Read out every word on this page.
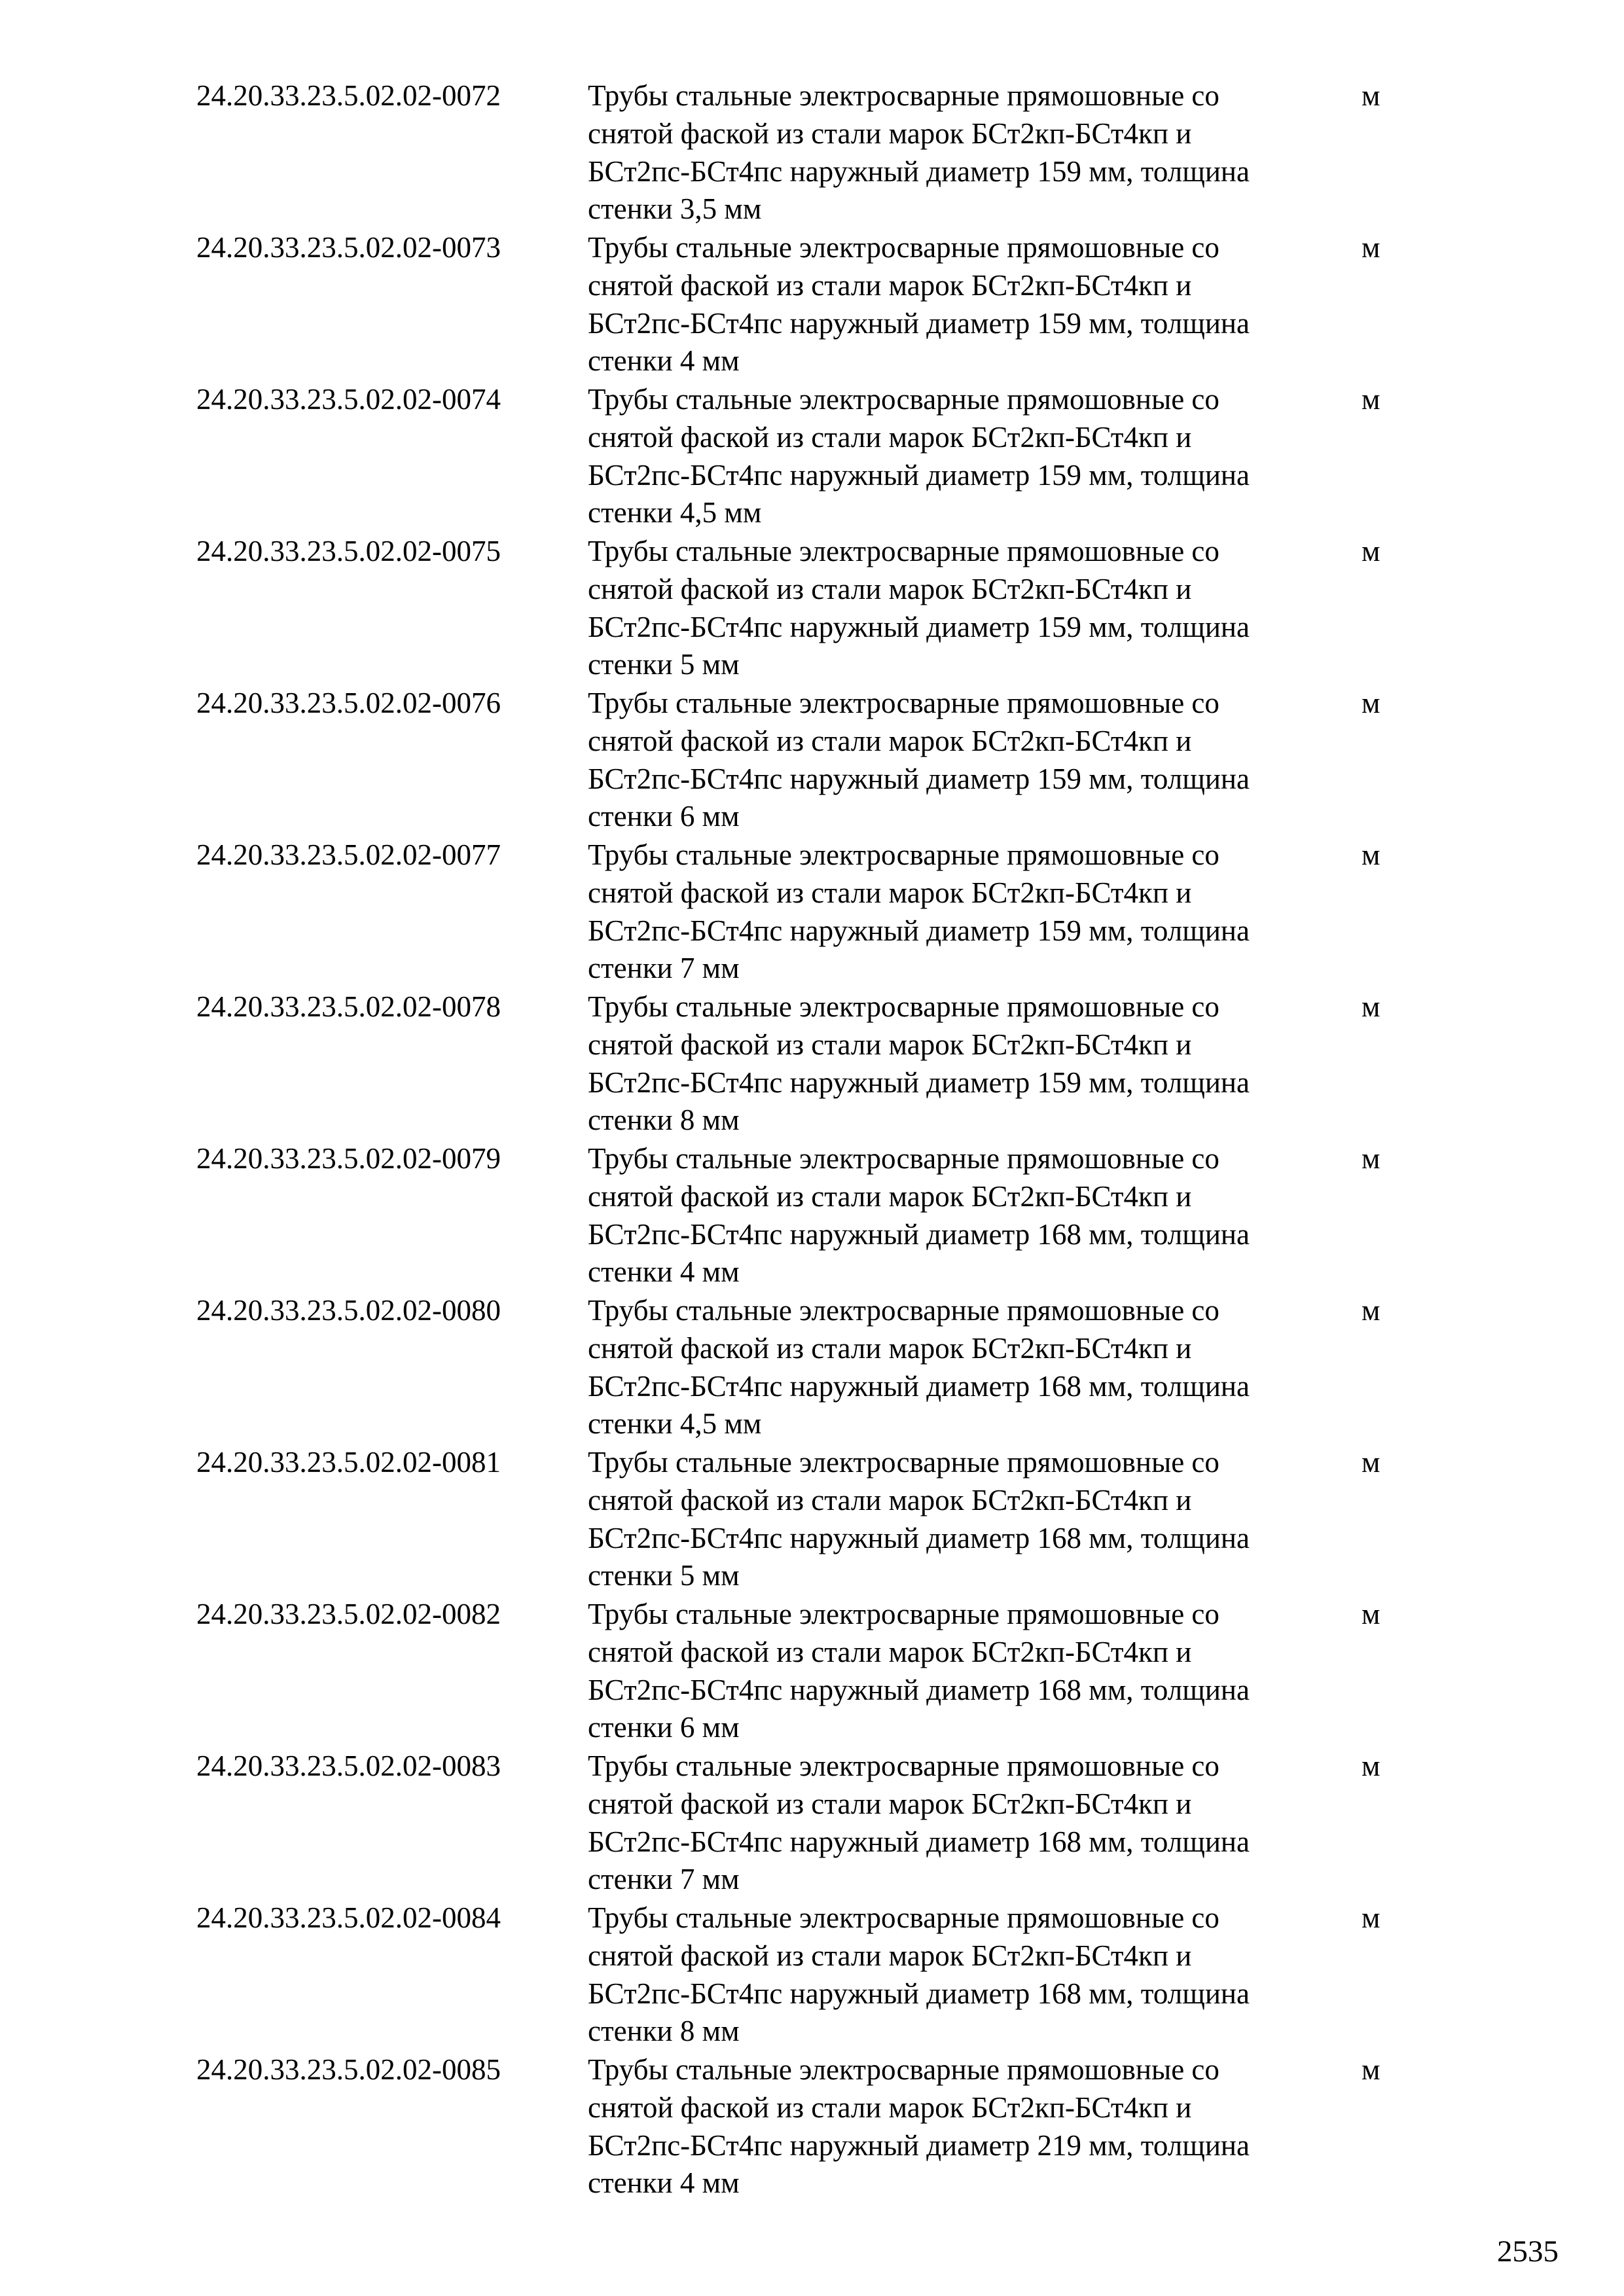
24.20.33.23.5.02.02-0072	Трубы стальные электросварные прямошовные со
снятой фаской из стали марок БСт2кп-БСт4кп и
БСт2пс-БСт4пс наружный диаметр 159 мм, толщина
стенки 3,5 мм
м
24.20.33.23.5.02.02-0073	Трубы стальные электросварные прямошовные со
снятой фаской из стали марок БСт2кп-БСт4кп и
БСт2пс-БСт4пс наружный диаметр 159 мм, толщина
стенки 4 мм
м
24.20.33.23.5.02.02-0074	Трубы стальные электросварные прямошовные со
снятой фаской из стали марок БСт2кп-БСт4кп и
БСт2пс-БСт4пс наружный диаметр 159 мм, толщина
стенки 4,5 мм
м
24.20.33.23.5.02.02-0075	Трубы стальные электросварные прямошовные со
снятой фаской из стали марок БСт2кп-БСт4кп и
БСт2пс-БСт4пс наружный диаметр 159 мм, толщина
стенки 5 мм
м
24.20.33.23.5.02.02-0076	Трубы стальные электросварные прямошовные со
снятой фаской из стали марок БСт2кп-БСт4кп и
БСт2пс-БСт4пс наружный диаметр 159 мм, толщина
стенки 6 мм
м
24.20.33.23.5.02.02-0077	Трубы стальные электросварные прямошовные со
снятой фаской из стали марок БСт2кп-БСт4кп и
БСт2пс-БСт4пс наружный диаметр 159 мм, толщина
стенки 7 мм
м
24.20.33.23.5.02.02-0078	Трубы стальные электросварные прямошовные со
снятой фаской из стали марок БСт2кп-БСт4кп и
БСт2пс-БСт4пс наружный диаметр 159 мм, толщина
стенки 8 мм
м
24.20.33.23.5.02.02-0079	Трубы стальные электросварные прямошовные со
снятой фаской из стали марок БСт2кп-БСт4кп и
БСт2пс-БСт4пс наружный диаметр 168 мм, толщина
стенки 4 мм
м
24.20.33.23.5.02.02-0080	Трубы стальные электросварные прямошовные со
снятой фаской из стали марок БСт2кп-БСт4кп и
БСт2пс-БСт4пс наружный диаметр 168 мм, толщина
стенки 4,5 мм
м
24.20.33.23.5.02.02-0081	Трубы стальные электросварные прямошовные со
снятой фаской из стали марок БСт2кп-БСт4кп и
БСт2пс-БСт4пс наружный диаметр 168 мм, толщина
стенки 5 мм
м
24.20.33.23.5.02.02-0082	Трубы стальные электросварные прямошовные со
снятой фаской из стали марок БСт2кп-БСт4кп и
БСт2пс-БСт4пс наружный диаметр 168 мм, толщина
стенки 6 мм
м
24.20.33.23.5.02.02-0083	Трубы стальные электросварные прямошовные со
снятой фаской из стали марок БСт2кп-БСт4кп и
БСт2пс-БСт4пс наружный диаметр 168 мм, толщина
стенки 7 мм
м
24.20.33.23.5.02.02-0084	Трубы стальные электросварные прямошовные со
снятой фаской из стали марок БСт2кп-БСт4кп и
БСт2пс-БСт4пс наружный диаметр 168 мм, толщина
стенки 8 мм
м
24.20.33.23.5.02.02-0085	Трубы стальные электросварные прямошовные со
снятой фаской из стали марок БСт2кп-БСт4кп и
БСт2пс-БСт4пс наружный диаметр 219 мм, толщина
стенки 4 мм
м
2535
